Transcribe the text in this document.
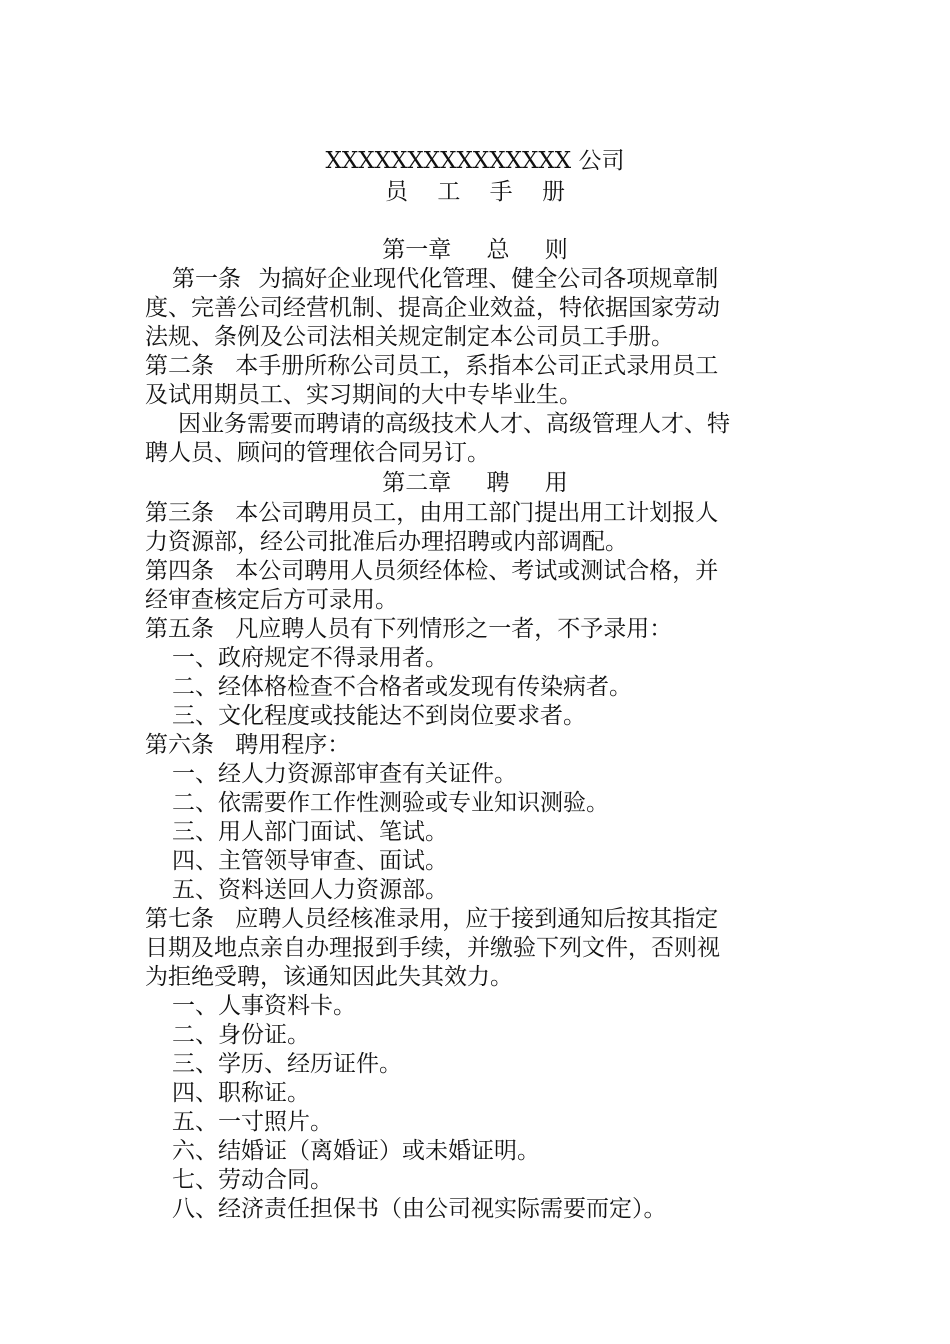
XXXXXXXXXXXXXXX 公司
员 工 手 册
第一章 总 则
第一条 为搞好企业现代化管理、健全公司各项规章制
度、完善公司经营机制、提高企业效益，特依据国家劳动
法规、条例及公司法相关规定制定本公司员工手册。
第二条 本手册所称公司员工，系指本公司正式录用员工
及试用期员工、实习期间的大中专毕业生。
因业务需要而聘请的高级技术人才、高级管理人才、特
聘人员、顾问的管理依合同另订。
第二章 聘 用
第三条 本公司聘用员工，由用工部门提出用工计划报人
力资源部，经公司批准后办理招聘或内部调配。
第四条 本公司聘用人员须经体检、考试或测试合格，并
经审查核定后方可录用。
第五条 凡应聘人员有下列情形之一者，不予录用：
一、政府规定不得录用者。
二、经体格检查不合格者或发现有传染病者。
三、文化程度或技能达不到岗位要求者。
第六条 聘用程序：
一、经人力资源部审查有关证件。
二、依需要作工作性测验或专业知识测验。
三、用人部门面试、笔试。
四、主管领导审查、面试。
五、资料送回人力资源部。
第七条 应聘人员经核准录用，应于接到通知后按其指定
日期及地点亲自办理报到手续，并缴验下列文件，否则视
为拒绝受聘，该通知因此失其效力。
一、人事资料卡。
二、身份证。
三、学历、经历证件。
四、职称证。
五、一寸照片。
六、结婚证（离婚证）或未婚证明。
七、劳动合同。
八、经济责任担保书（由公司视实际需要而定）。
